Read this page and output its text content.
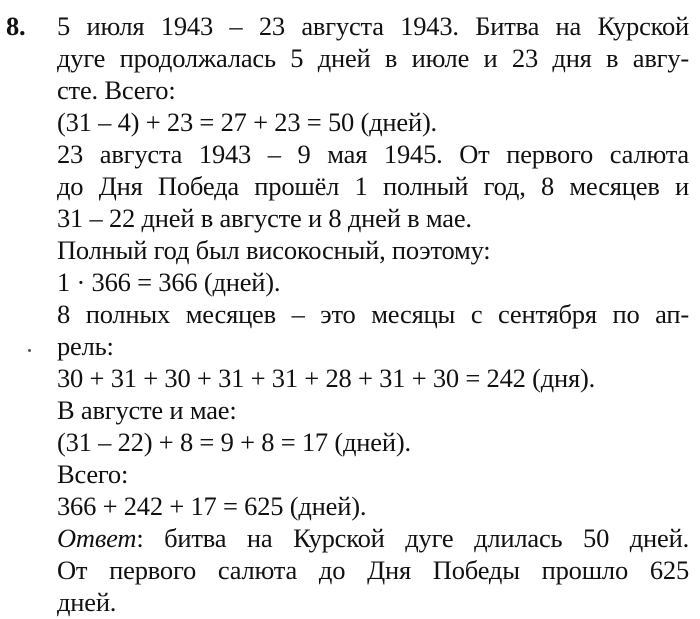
8. 5 июля 1943 – 23 августа 1943. Битва на Курской
дуге продолжалась 5 дней в июле и 23 дня в авгу-
сте. Всего:
(31 – 4) + 23 = 27 + 23 = 50 (дней).
23 августа 1943 – 9 мая 1945. От первого салюта
до Дня Победа прошёл 1 полный год, 8 месяцев и
31 – 22 дней в августе и 8 дней в мае.
Полный год был високосный, поэтому:
1 · 366 = 366 (дней).
8 полных месяцев – это месяцы с сентября по ап-
рель:
30 + 31 + 30 + 31 + 31 + 28 + 31 + 30 = 242 (дня).
В августе и мае:
(31 – 22) + 8 = 9 + 8 = 17 (дней).
Всего:
366 + 242 + 17 = 625 (дней).
Ответ: битва на Курской дуге длилась 50 дней.
От первого салюта до Дня Победы прошло 625
дней.
